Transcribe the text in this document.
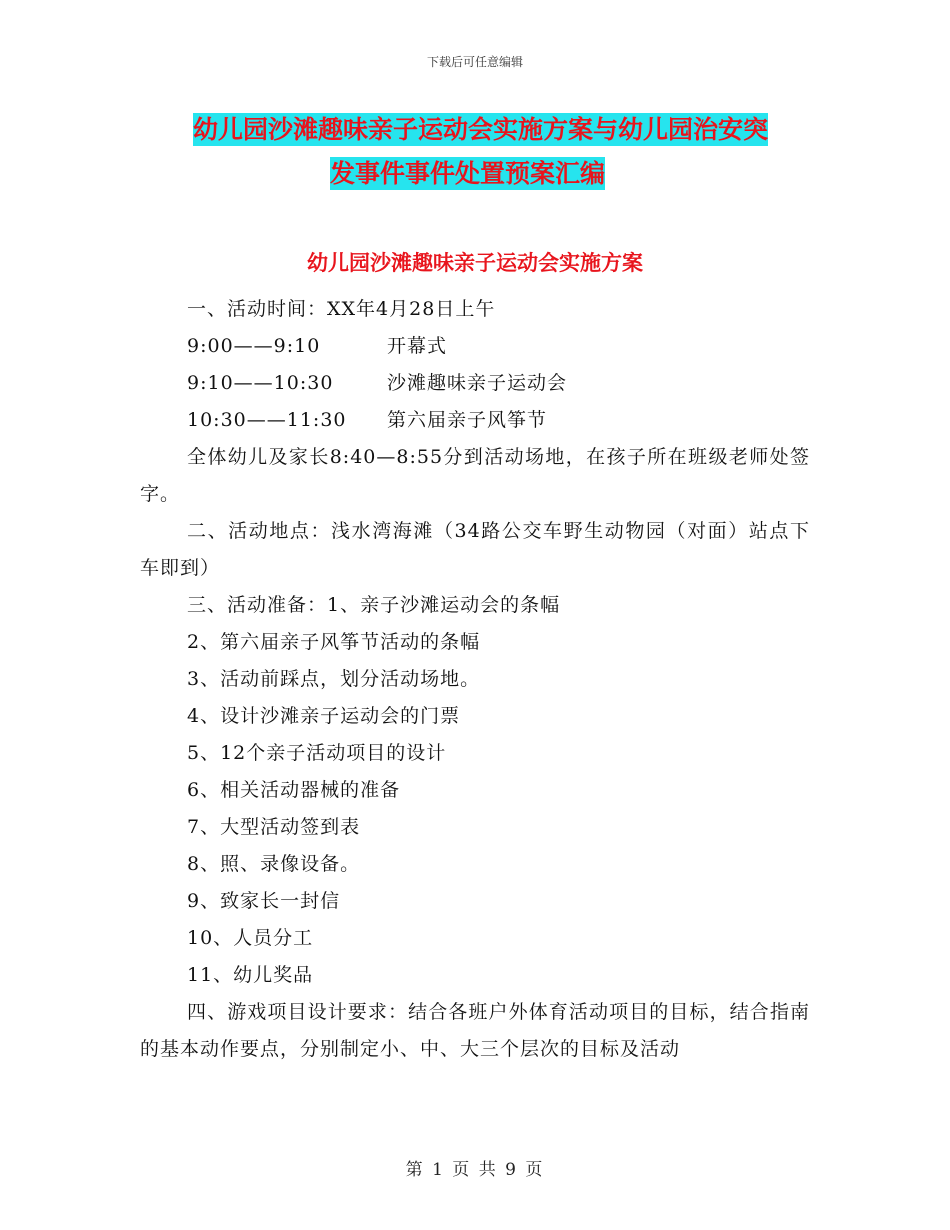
下载后可任意编辑
幼儿园沙滩趣味亲子运动会实施方案与幼儿园治安突
发事件事件处置预案汇编
幼儿园沙滩趣味亲子运动会实施方案
一、活动时间：XX年4月28日上午
9:00——9:10	开幕式
9:10——10:30	沙滩趣味亲子运动会
10:30——11:30 第六届亲子风筝节
全体幼儿及家长8:40—8:55分到活动场地，在孩子所在班级老师处签字。
二、活动地点：浅水湾海滩（34路公交车野生动物园（对面）站点下车即到）
三、活动准备：1、亲子沙滩运动会的条幅
2、第六届亲子风筝节活动的条幅
3、活动前踩点，划分活动场地。
4、设计沙滩亲子运动会的门票
5、12个亲子活动项目的设计
6、相关活动器械的准备
7、大型活动签到表
8、照、录像设备。
9、致家长一封信
10、人员分工
11、幼儿奖品
四、游戏项目设计要求：结合各班户外体育活动项目的目标，结合指南的基本动作要点，分别制定小、中、大三个层次的目标及活动
第 1 页 共 9 页
